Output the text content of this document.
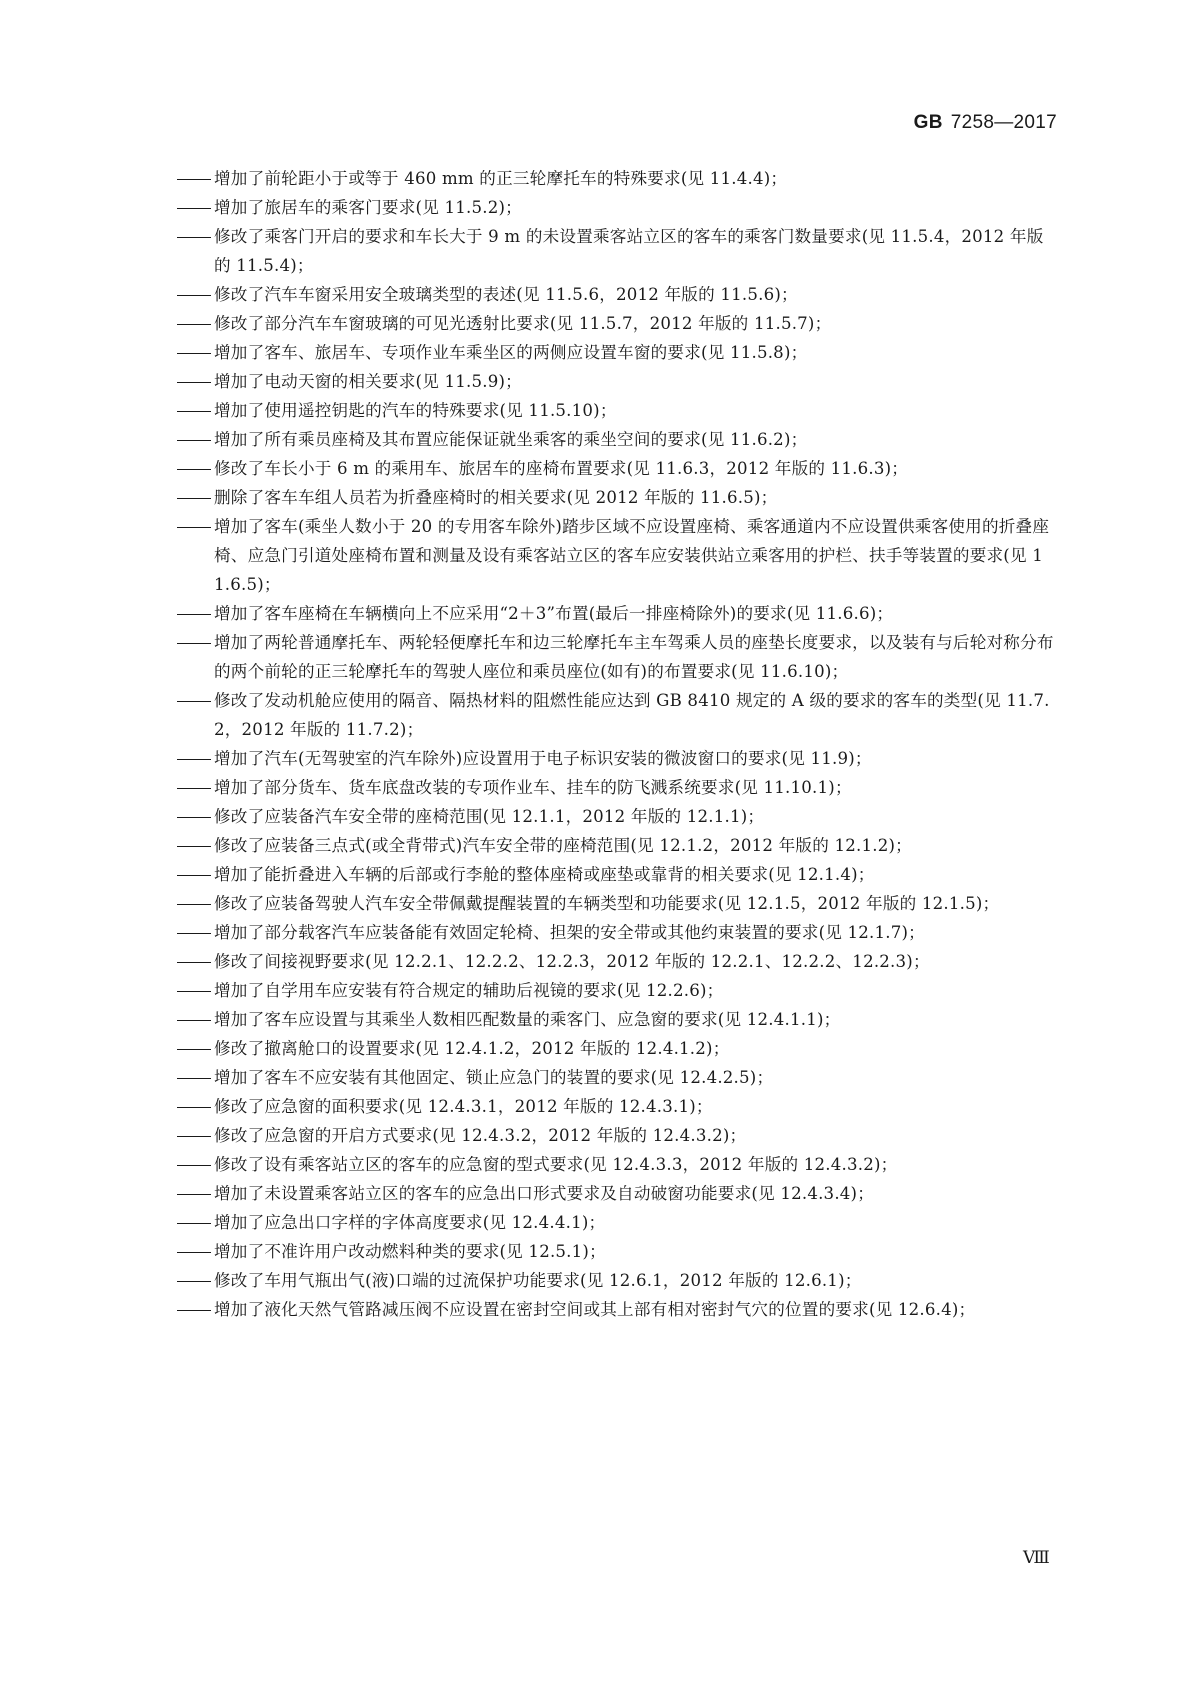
GB 7258—2017
增加了前轮距小于或等于 460 mm 的正三轮摩托车的特殊要求(见 11.4.4)；
增加了旅居车的乘客门要求(见 11.5.2)；
修改了乘客门开启的要求和车长大于 9 m 的未设置乘客站立区的客车的乘客门数量要求(见 11.5.4，2012 年版的 11.5.4)；
修改了汽车车窗采用安全玻璃类型的表述(见 11.5.6，2012 年版的 11.5.6)；
修改了部分汽车车窗玻璃的可见光透射比要求(见 11.5.7，2012 年版的 11.5.7)；
增加了客车、旅居车、专项作业车乘坐区的两侧应设置车窗的要求(见 11.5.8)；
增加了电动天窗的相关要求(见 11.5.9)；
增加了使用遥控钥匙的汽车的特殊要求(见 11.5.10)；
增加了所有乘员座椅及其布置应能保证就坐乘客的乘坐空间的要求(见 11.6.2)；
修改了车长小于 6 m 的乘用车、旅居车的座椅布置要求(见 11.6.3，2012 年版的 11.6.3)；
删除了客车车组人员若为折叠座椅时的相关要求(见 2012 年版的 11.6.5)；
增加了客车(乘坐人数小于 20 的专用客车除外)踏步区域不应设置座椅、乘客通道内不应设置供乘客使用的折叠座椅、应急门引道处座椅布置和测量及设有乘客站立区的客车应安装供站立乘客用的护栏、扶手等装置的要求(见 11.6.5)；
增加了客车座椅在车辆横向上不应采用“2＋3”布置(最后一排座椅除外)的要求(见 11.6.6)；
增加了两轮普通摩托车、两轮轻便摩托车和边三轮摩托车主车驾乘人员的座垫长度要求，以及装有与后轮对称分布的两个前轮的正三轮摩托车的驾驶人座位和乘员座位(如有)的布置要求(见 11.6.10)；
修改了发动机舱应使用的隔音、隔热材料的阻燃性能应达到 GB 8410 规定的 A 级的要求的客车的类型(见 11.7.2，2012 年版的 11.7.2)；
增加了汽车(无驾驶室的汽车除外)应设置用于电子标识安装的微波窗口的要求(见 11.9)；
增加了部分货车、货车底盘改装的专项作业车、挂车的防飞溅系统要求(见 11.10.1)；
修改了应装备汽车安全带的座椅范围(见 12.1.1，2012 年版的 12.1.1)；
修改了应装备三点式(或全背带式)汽车安全带的座椅范围(见 12.1.2，2012 年版的 12.1.2)；
增加了能折叠进入车辆的后部或行李舱的整体座椅或座垫或靠背的相关要求(见 12.1.4)；
修改了应装备驾驶人汽车安全带佩戴提醒装置的车辆类型和功能要求(见 12.1.5，2012 年版的 12.1.5)；
增加了部分载客汽车应装备能有效固定轮椅、担架的安全带或其他约束装置的要求(见 12.1.7)；
修改了间接视野要求(见 12.2.1、12.2.2、12.2.3，2012 年版的 12.2.1、12.2.2、12.2.3)；
增加了自学用车应安装有符合规定的辅助后视镜的要求(见 12.2.6)；
增加了客车应设置与其乘坐人数相匹配数量的乘客门、应急窗的要求(见 12.4.1.1)；
修改了撤离舱口的设置要求(见 12.4.1.2，2012 年版的 12.4.1.2)；
增加了客车不应安装有其他固定、锁止应急门的装置的要求(见 12.4.2.5)；
修改了应急窗的面积要求(见 12.4.3.1，2012 年版的 12.4.3.1)；
修改了应急窗的开启方式要求(见 12.4.3.2，2012 年版的 12.4.3.2)；
修改了设有乘客站立区的客车的应急窗的型式要求(见 12.4.3.3，2012 年版的 12.4.3.2)；
增加了未设置乘客站立区的客车的应急出口形式要求及自动破窗功能要求(见 12.4.3.4)；
增加了应急出口字样的字体高度要求(见 12.4.4.1)；
增加了不准许用户改动燃料种类的要求(见 12.5.1)；
修改了车用气瓶出气(液)口端的过流保护功能要求(见 12.6.1，2012 年版的 12.6.1)；
增加了液化天然气管路减压阀不应设置在密封空间或其上部有相对密封气穴的位置的要求(见 12.6.4)；
Ⅷ
